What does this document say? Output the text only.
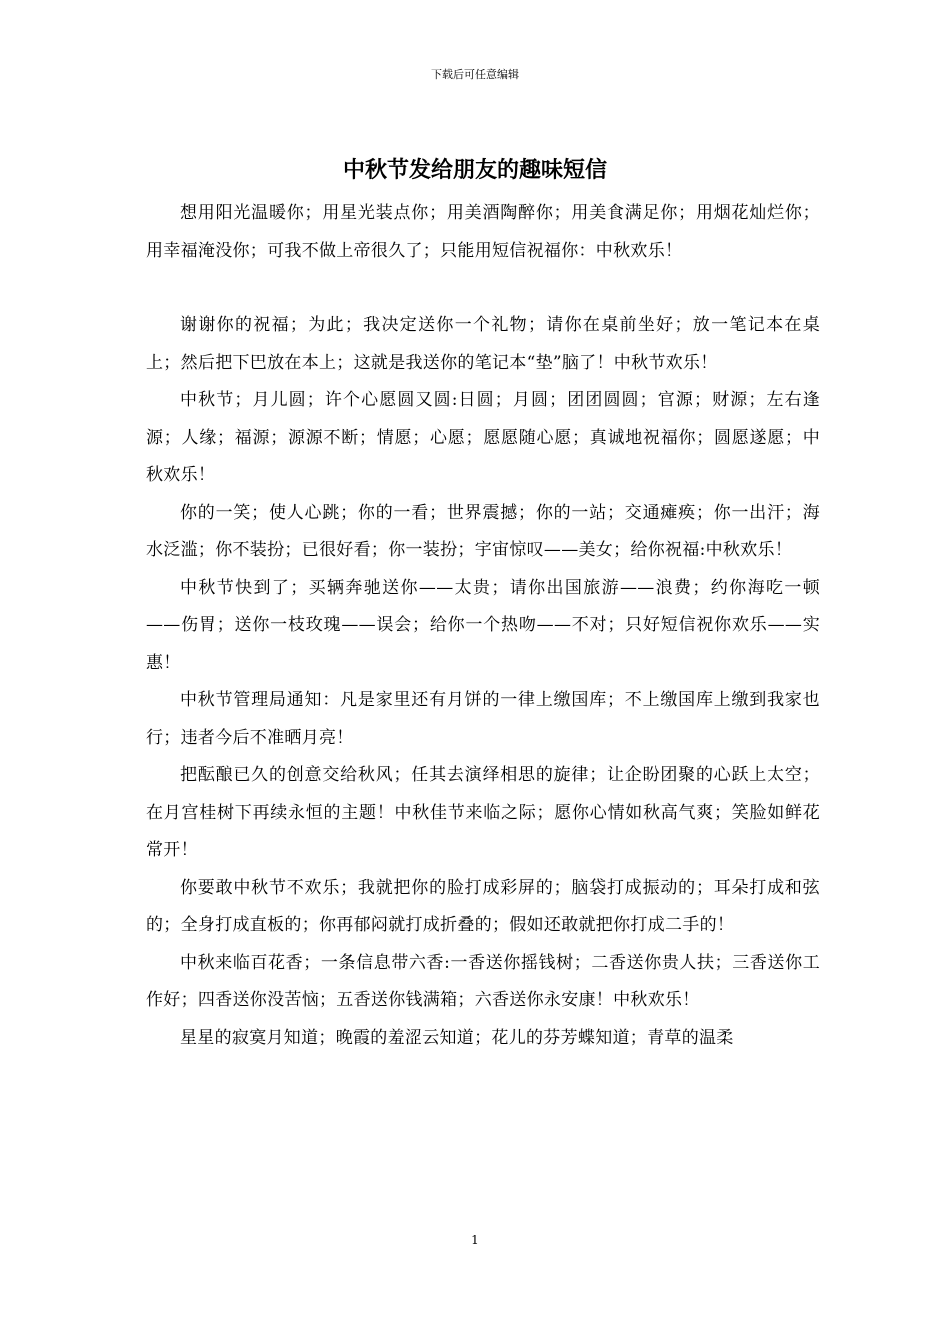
下载后可任意编辑
中秋节发给朋友的趣味短信

想用阳光温暖你；用星光装点你；用美酒陶醉你；用美食满足你；用烟花灿烂你；用幸福淹没你；可我不做上帝很久了；只能用短信祝福你：中秋欢乐！

谢谢你的祝福；为此；我决定送你一个礼物；请你在桌前坐好；放一笔记本在桌上；然后把下巴放在本上；这就是我送你的笔记本“垫”脑了！中秋节欢乐！

中秋节；月儿圆；许个心愿圆又圆:日圆；月圆；团团圆圆；官源；财源；左右逢源；人缘；福源；源源不断；情愿；心愿；愿愿随心愿；真诚地祝福你；圆愿遂愿；中秋欢乐！

你的一笑；使人心跳；你的一看；世界震撼；你的一站；交通瘫痪；你一出汗；海水泛滥；你不装扮；已很好看；你一装扮；宇宙惊叹——美女；给你祝福:中秋欢乐！

中秋节快到了；买辆奔驰送你——太贵；请你出国旅游——浪费；约你海吃一顿——伤胃；送你一枝玫瑰——误会；给你一个热吻——不对；只好短信祝你欢乐——实惠！

中秋节管理局通知：凡是家里还有月饼的一律上缴国库；不上缴国库上缴到我家也行；违者今后不准晒月亮！

把酝酿已久的创意交给秋风；任其去演绎相思的旋律；让企盼团聚的心跃上太空；在月宫桂树下再续永恒的主题！中秋佳节来临之际；愿你心情如秋高气爽；笑脸如鲜花常开！

你要敢中秋节不欢乐；我就把你的脸打成彩屏的；脑袋打成振动的；耳朵打成和弦的；全身打成直板的；你再郁闷就打成折叠的；假如还敢就把你打成二手的！

中秋来临百花香；一条信息带六香:一香送你摇钱树；二香送你贵人扶；三香送你工作好；四香送你没苦恼；五香送你钱满箱；六香送你永安康！中秋欢乐！

星星的寂寞月知道；晚霞的羞涩云知道；花儿的芬芳蝶知道；青草的温柔

1
